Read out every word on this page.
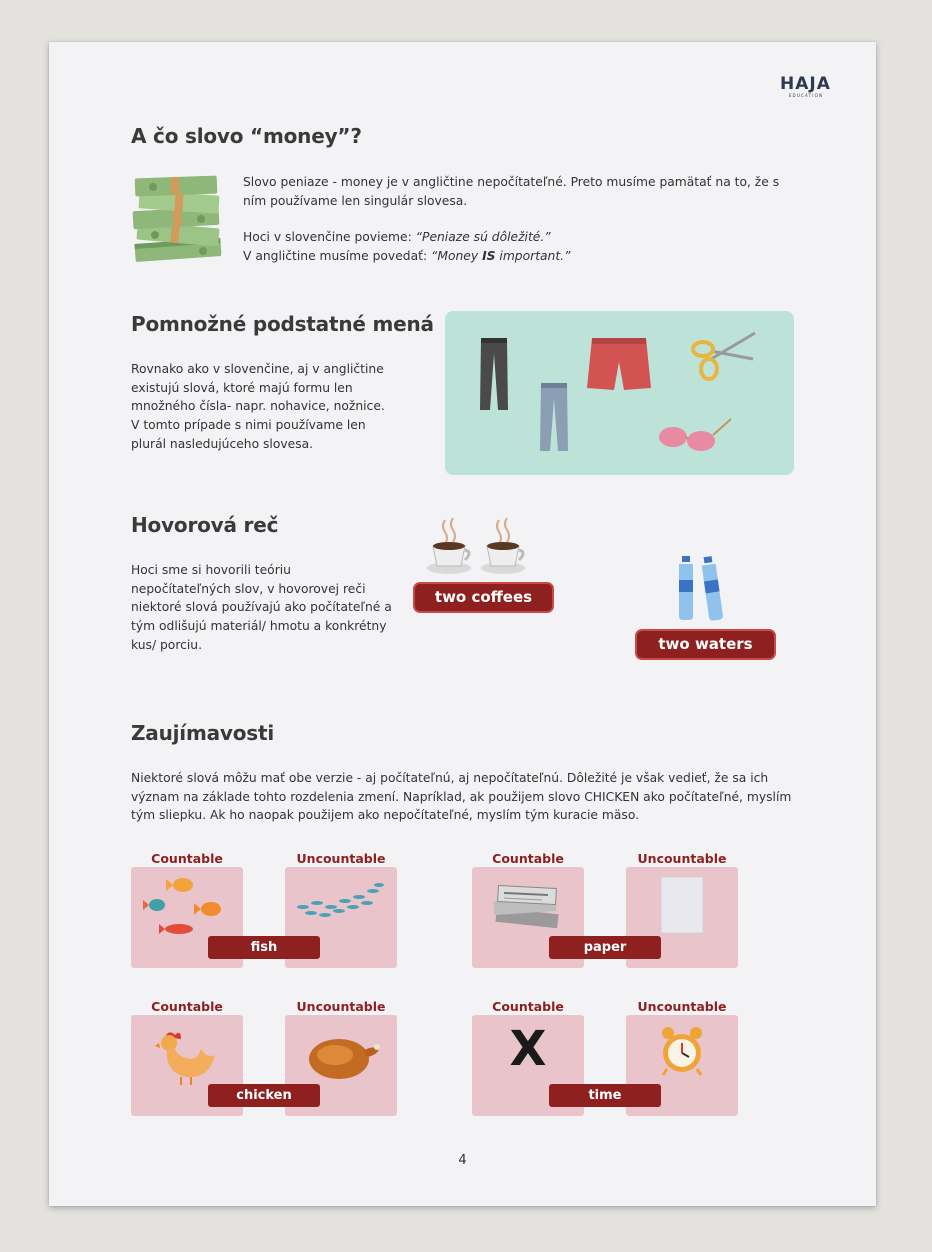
HAJA
EDUCATION
A čo slovo “money”?

Slovo peniaze - money je v angličtine nepočítateľné. Preto musíme pamätať na to, že s ním používame len singulár slovesa.

Hoci v slovenčine povieme: “Peniaze sú dôležité.”
V angličtine musíme povedať: “Money IS important.”

Pomnožné podstatné mená

Rovnako ako v slovenčine, aj v angličtine existujú slová, ktoré majú formu len množného čísla- napr. nohavice, nožnice. V tomto prípade s nimi používame len plurál nasledujúceho slovesa.

Hovorová reč

Hoci sme si hovorili teóriu nepočítateľných slov, v hovorovej reči niektoré slová používajú ako počítateľné a tým odlišujú materiál/ hmotu a konkrétny kus/ porciu.

two coffees
two waters
Zaujímavosti

Niektoré slová môžu mať obe verzie - aj počítateľnú, aj nepočítateľnú. Dôležité je však vedieť, že sa ich význam na základe tohto rozdelenia zmení. Napríklad, ak použijem slovo CHICKEN ako počítateľné, myslím tým sliepku. Ak ho naopak použijem ako nepočítateľné, myslím tým kuracie mäso.

Countable	Uncountable
fish
Countable	Uncountable
paper
Countable	Uncountable
chicken
Countable	Uncountable
X
time
4
